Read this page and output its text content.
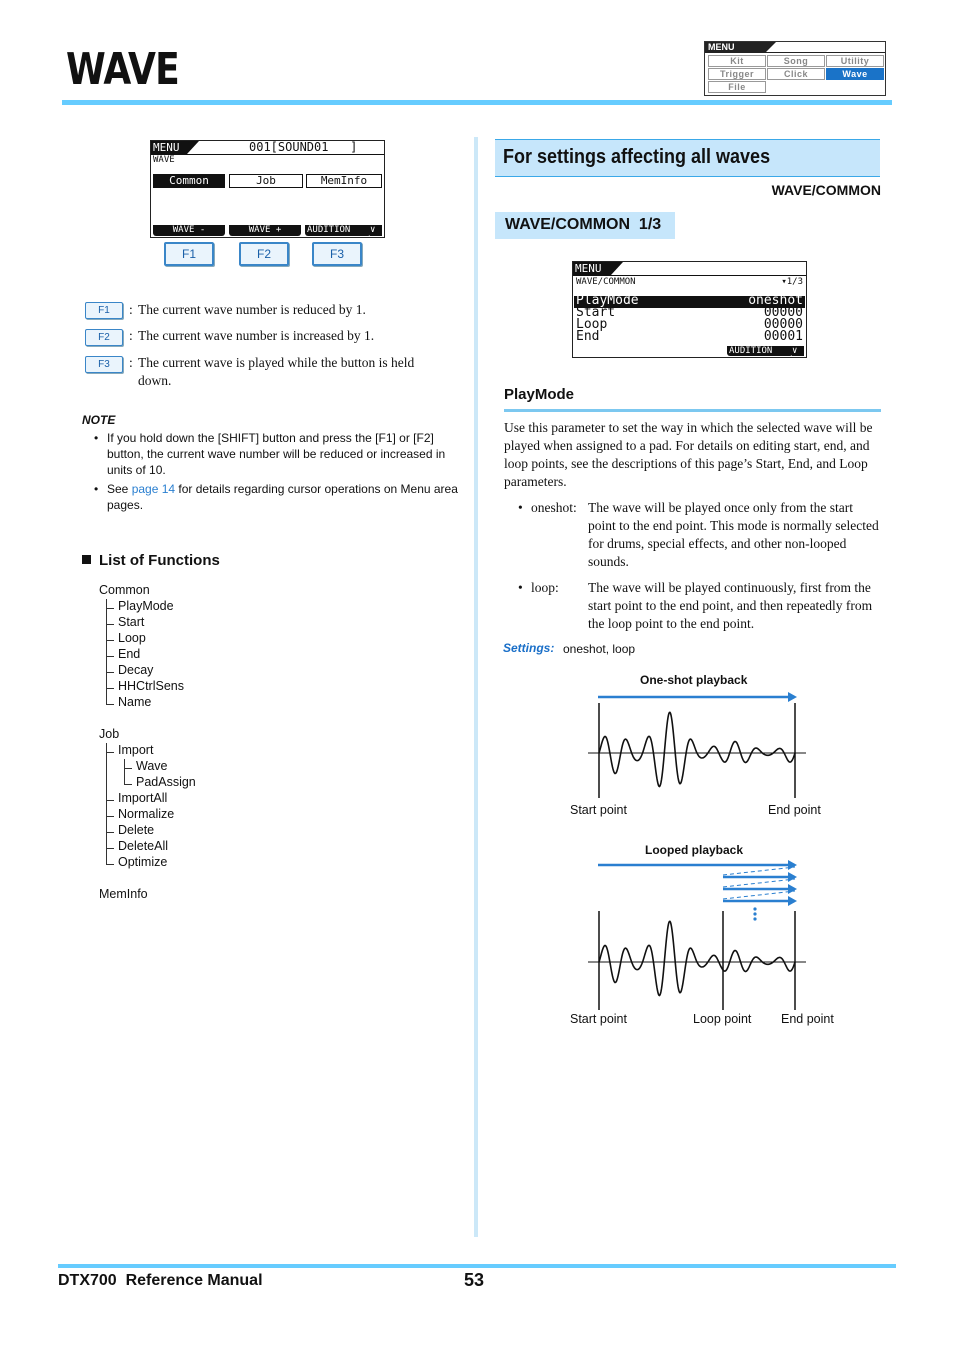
WAVE	MENU
Kit	Song	Utility
Trigger	Click	Wave
File
MENU
WAVE
001[SOUND01   ]
Common	Job	MemInfo
WAVE -	WAVE +	AUDITION	∨
F1	F2	F3
F1	: The current wave number is reduced by 1.
F2	: The current wave number is increased by 1.
F3	: The current wave is played while the button is held down.
NOTE
• If you hold down the [SHIFT] button and press the [F1] or [F2] button, the current wave number will be reduced or increased in units of 10.
• See page 14 for details regarding cursor operations on Menu area pages.
List of Functions
Common
PlayMode
Start
Loop
End
Decay
HHCtrlSens
Name
Job
Import
Wave
PadAssign
ImportAll
Normalize
Delete
DeleteAll
Optimize
MemInfo
For settings affecting all waves
WAVE/COMMON
WAVE/COMMON  1/3
MENU
WAVE/COMMON	▾1/3
PlayMode	oneshot
Start	00000
Loop	00000
End	00001
AUDITION	∨
PlayMode
Use this parameter to set the way in which the selected wave will be played when assigned to a pad. For details on editing start, end, and loop points, see the descriptions of this page’s Start, End, and Loop parameters.
• oneshot: The wave will be played once only from the start point to the end point. This mode is normally selected for drums, special effects, and other non-looped sounds.
• loop: The wave will be played continuously, first from the start point to the end point, and then repeatedly from the loop point to the end point.
Settings: oneshot, loop
One-shot playback
Start point	End point
Looped playback
Start point	Loop point End point
DTX700  Reference Manual	53
